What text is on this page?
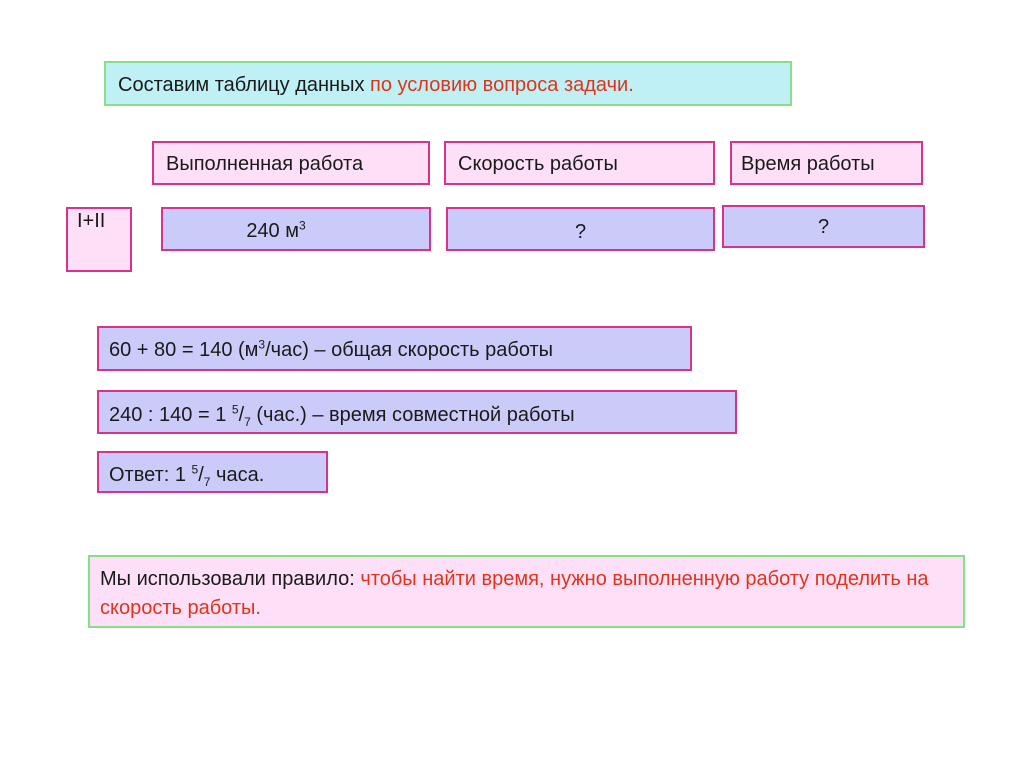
Составим таблицу данных по условию вопроса задачи.
Выполненная работа	Скорость работы	Время работы
I+II	240 $м^3$	?	?
60 + 80 = 140 $(м^3/час)$ – общая скорость работы
240 : 140 = 1 $^5/_7$ (час.) – время совместной работы
Ответ: 1 $^5/_7$ часа.
Мы использовали правило: чтобы найти время, нужно выполненную работу поделить на скорость работы.
